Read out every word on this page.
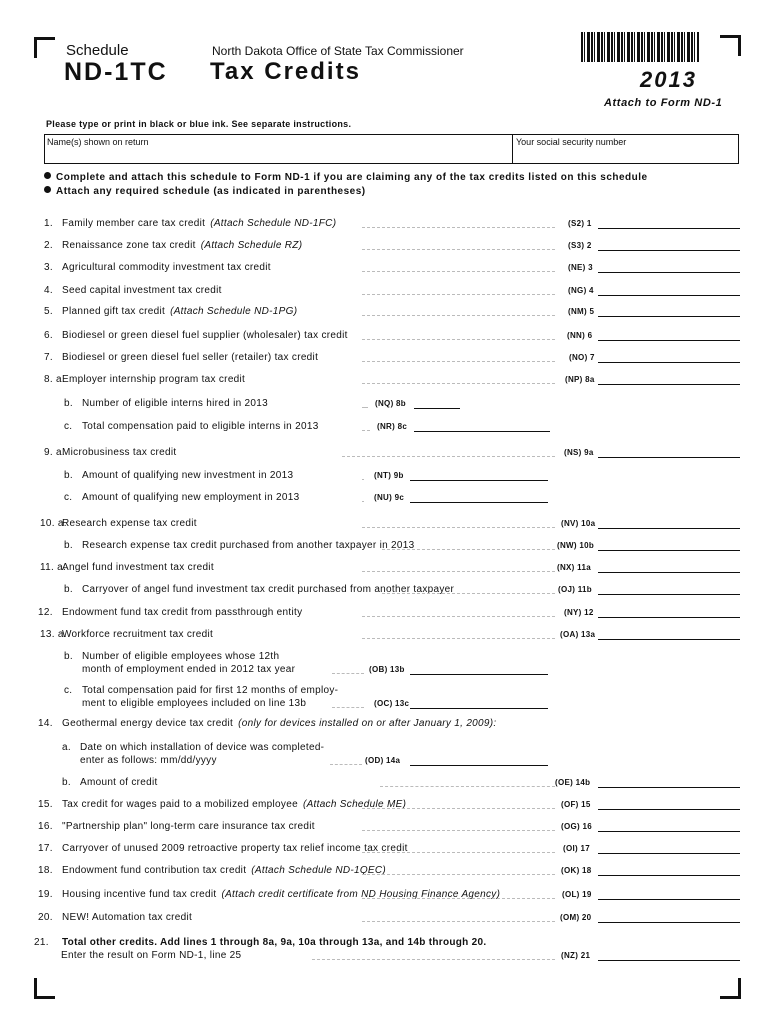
Schedule
ND-1TC
North Dakota Office of State Tax Commissioner
Tax Credits	2013
Attach to Form ND-1
Please type or print in black or blue ink. See separate instructions.
Name(s) shown on return	Your social security number
Complete and attach this schedule to Form ND-1 if you are claiming any of the tax credits listed on this schedule
Attach any required schedule (as indicated in parentheses)
1. Family member care tax credit (Attach Schedule ND-1FC)	(S2) 1
2. Renaissance zone tax credit (Attach Schedule RZ)	(S3) 2
3. Agricultural commodity investment tax credit	(NE) 3
4. Seed capital investment tax credit	(NG) 4
5. Planned gift tax credit (Attach Schedule ND-1PG)	(NM) 5
6. Biodiesel or green diesel fuel supplier (wholesaler) tax credit	(NN) 6
7. Biodiesel or green diesel fuel seller (retailer) tax credit	(NO) 7
8. a.
Employer internship program tax credit	(NP) 8a
b. Number of eligible interns hired in 2013	(NQ) 8b
c. Total compensation paid to eligible interns in 2013	(NR) 8c
9. a.
Microbusiness tax credit	(NS) 9a
b. Amount of qualifying new investment in 2013	(NT) 9b
c. Amount of qualifying new employment in 2013	(NU) 9c
10. a.
Research expense tax credit	(NV) 10a
b. Research expense tax credit purchased from another taxpayer in 2013	(NW) 10b
11. a.
Angel fund investment tax credit	(NX) 11a
b. Carryover of angel fund investment tax credit purchased from another taxpayer	(OJ) 11b
12. Endowment fund tax credit from passthrough entity	(NY) 12
13. a.
Workforce recruitment tax credit	(OA) 13a
b. Number of eligible employees whose 12th
month of employment ended in 2012 tax year	(OB) 13b
c. Total compensation paid for first 12 months of employ-
ment to eligible employees included on line 13b	(OC) 13c
14. Geothermal energy device tax credit (only for devices installed on or after January 1, 2009):
a. Date on which installation of device was completed-
enter as follows: mm/dd/yyyy	(OD) 14a
b. Amount of credit	(OE) 14b
15. Tax credit for wages paid to a mobilized employee (Attach Schedule ME)	(OF) 15
16. "Partnership plan" long-term care insurance tax credit	(OG) 16
17. Carryover of unused 2009 retroactive property tax relief income tax credit	(OI) 17
18. Endowment fund contribution tax credit (Attach Schedule ND-1QEC)	(OK) 18
19. Housing incentive fund tax credit (Attach credit certificate from ND Housing Finance Agency)	(OL) 19
20. NEW! Automation tax credit	(OM) 20
21. Total other credits. Add lines 1 through 8a, 9a, 10a through 13a, and 14b through 20.
Enter the result on Form ND-1, line 25	(NZ) 21
